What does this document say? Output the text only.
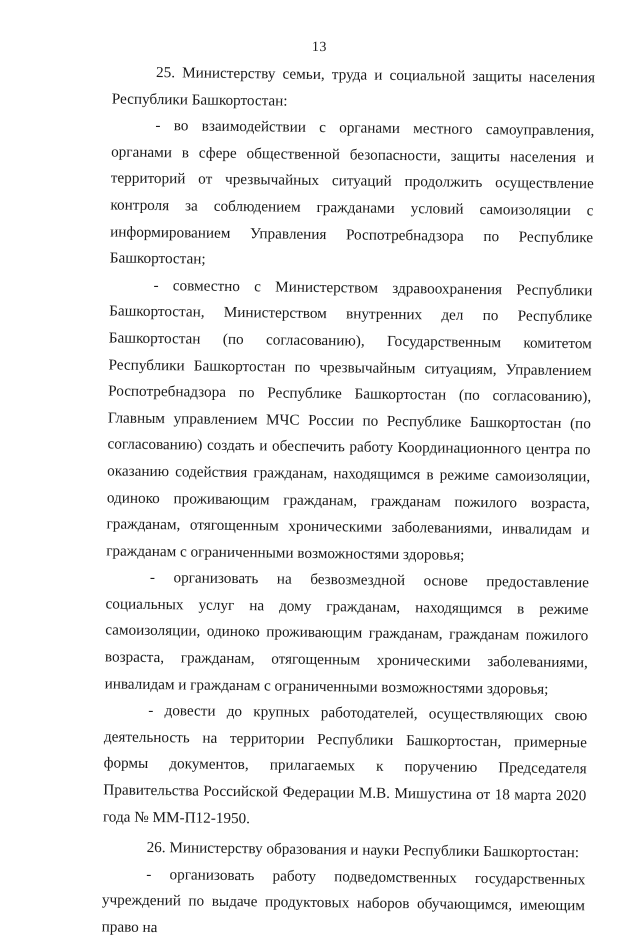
13

25. Министерству семьи, труда и социальной защиты населения Республики Башкортостан:

- во взаимодействии с органами местного самоуправления, органами в сфере общественной безопасности, защиты населения и территорий от чрезвычайных ситуаций продолжить осуществление контроля за соблюдением гражданами условий самоизоляции с информированием Управления Роспотребнадзора по Республике Башкортостан;

- совместно с Министерством здравоохранения Республики Башкортостан, Министерством внутренних дел по Республике Башкортостан (по согласованию), Государственным комитетом Республики Башкортостан по чрезвычайным ситуациям, Управлением Роспотребнадзора по Республике Башкортостан (по согласованию), Главным управлением МЧС России по Республике Башкортостан (по согласованию) создать и обеспечить работу Координационного центра по оказанию содействия гражданам, находящимся в режиме самоизоляции, одиноко проживающим гражданам, гражданам пожилого возраста, гражданам, отягощенным хроническими заболеваниями, инвалидам и гражданам с ограниченными возможностями здоровья;

- организовать на безвозмездной основе предоставление социальных услуг на дому гражданам, находящимся в режиме самоизоляции, одиноко проживающим гражданам, гражданам пожилого возраста, гражданам, отягощенным хроническими заболеваниями, инвалидам и гражданам с ограниченными возможностями здоровья;

- довести до крупных работодателей, осуществляющих свою деятельность на территории Республики Башкортостан, примерные формы документов, прилагаемых к поручению Председателя Правительства Российской Федерации М.В. Мишустина от 18 марта 2020 года № ММ-П12-1950.

26. Министерству образования и науки Республики Башкортостан:

- организовать работу подведомственных государственных учреждений по выдаче продуктовых наборов обучающимся, имеющим право на
